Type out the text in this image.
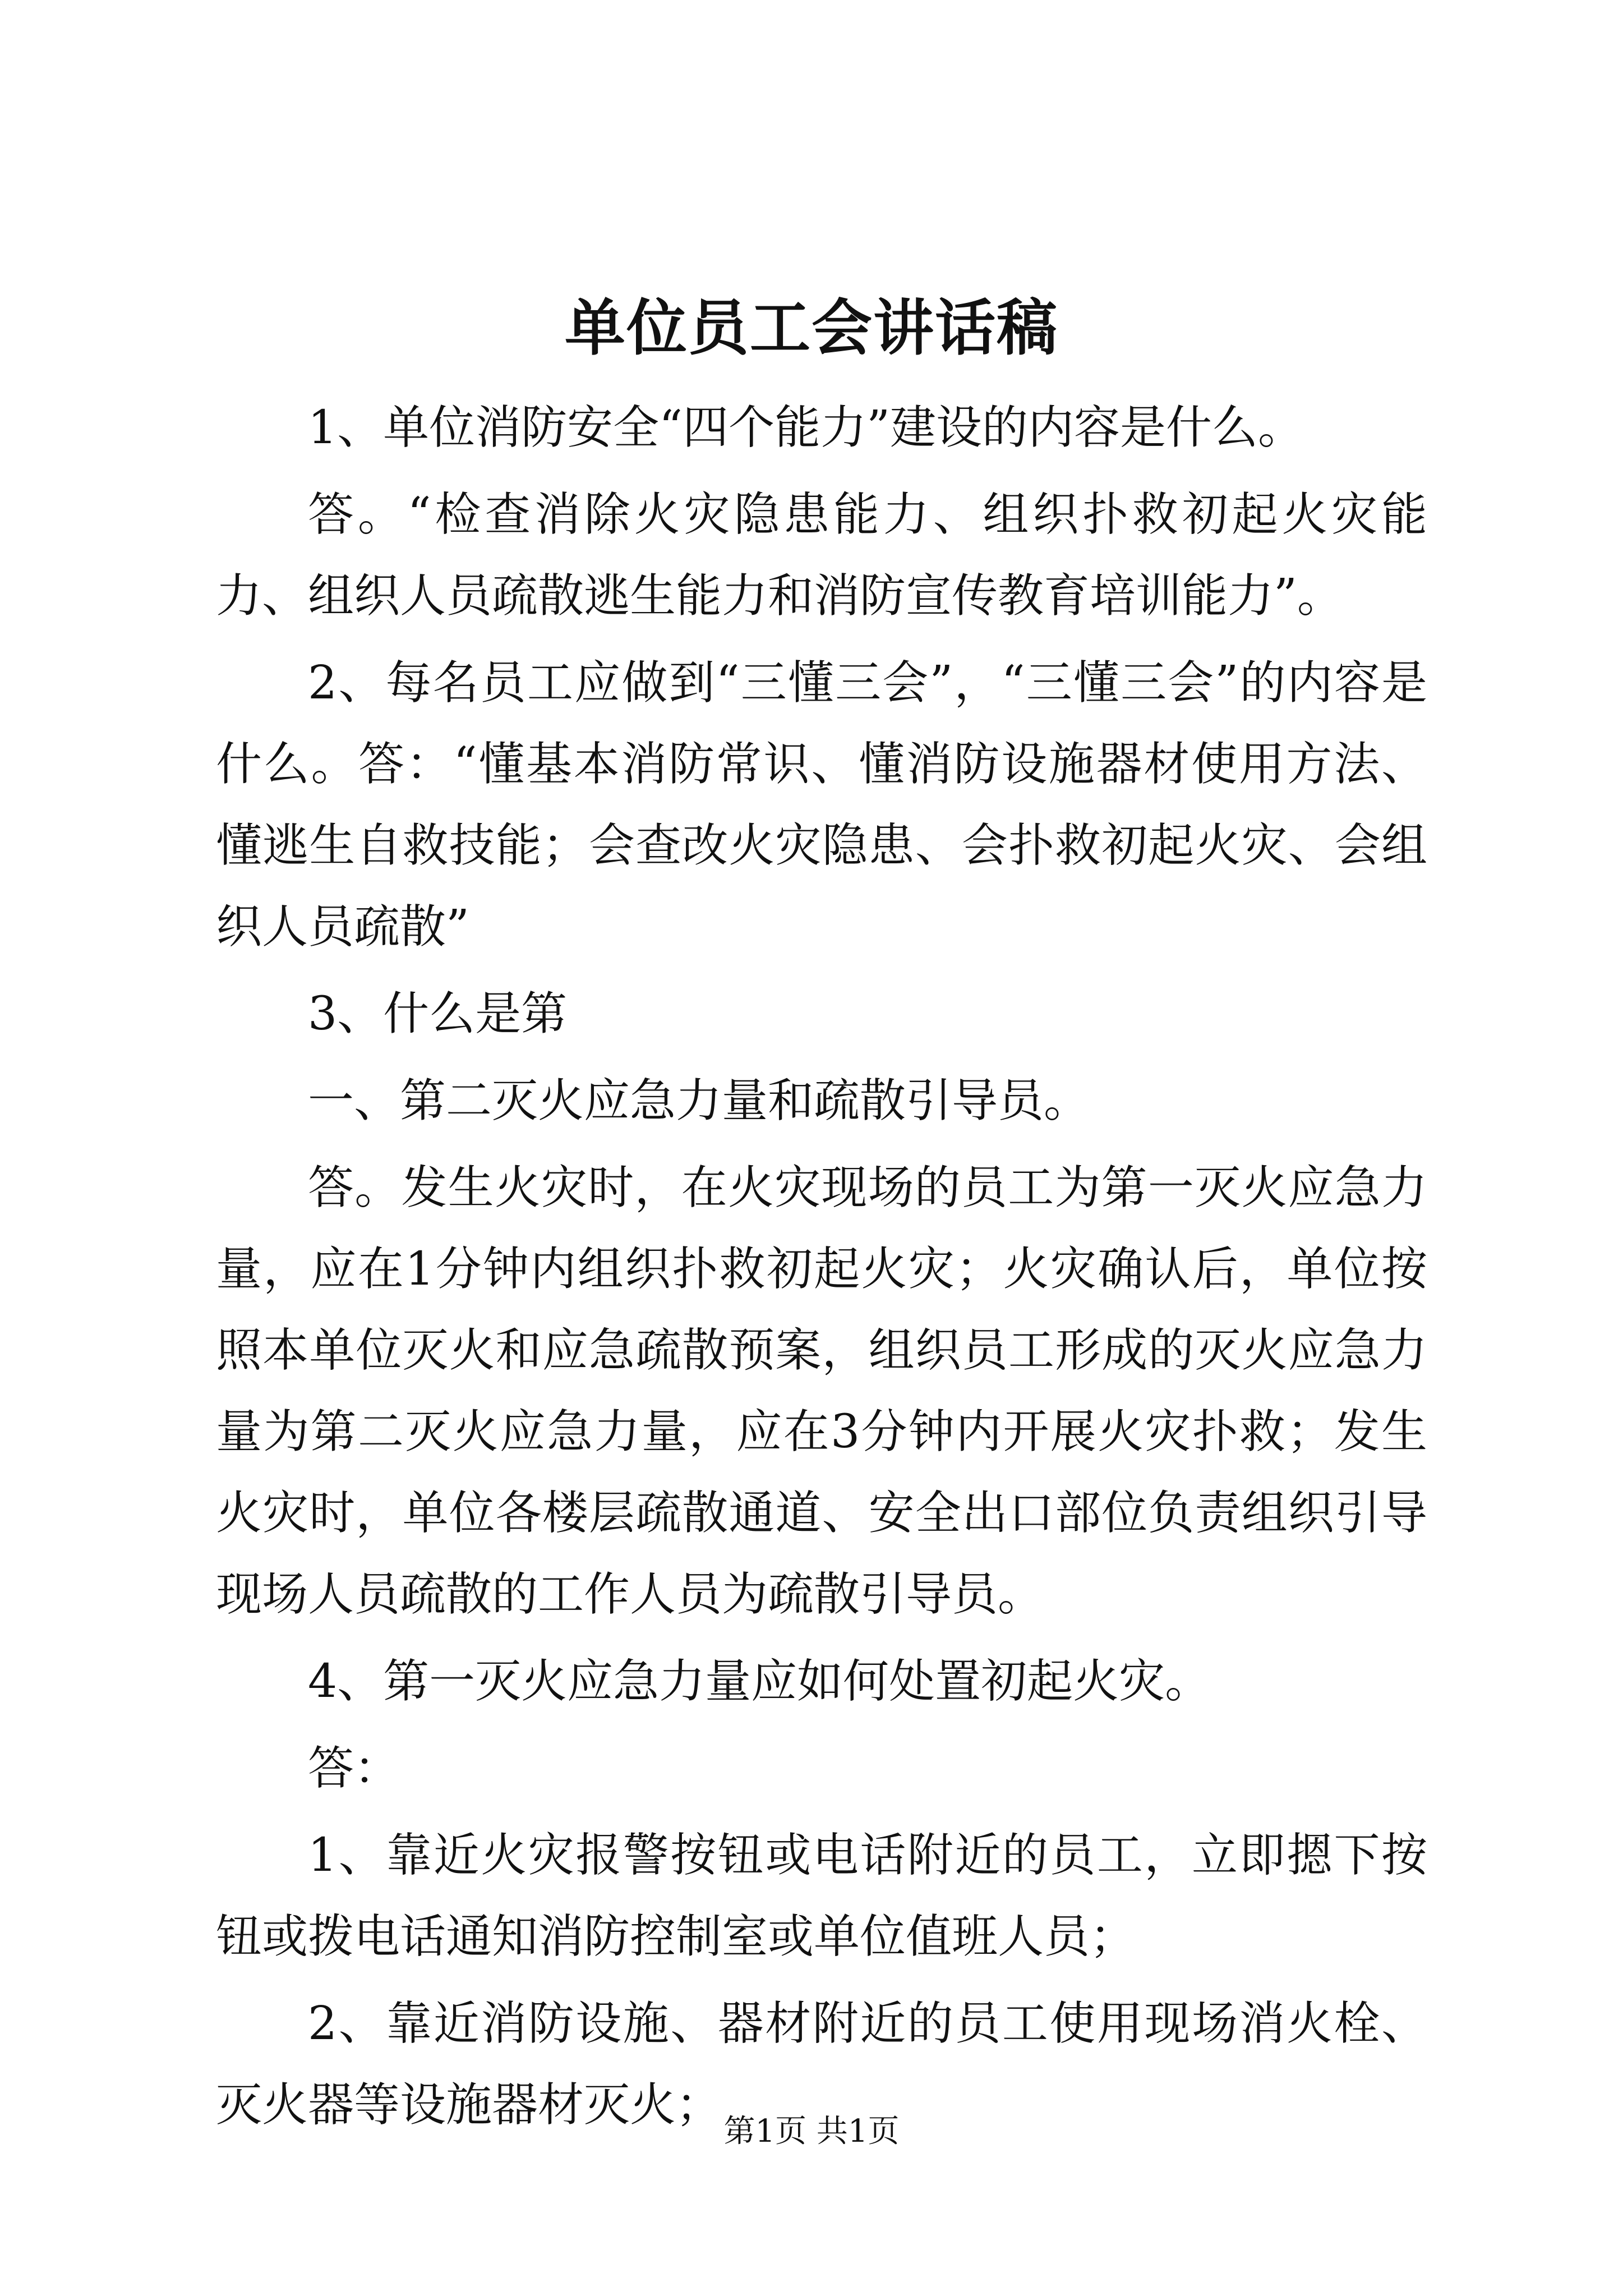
单位员工会讲话稿

1、单位消防安全“四个能力”建设的内容是什么。

答。“检查消除火灾隐患能力、组织扑救初起火灾能力、组织人员疏散逃生能力和消防宣传教育培训能力”。

2、每名员工应做到“三懂三会”，“三懂三会”的内容是什么。答：“懂基本消防常识、懂消防设施器材使用方法、懂逃生自救技能；会查改火灾隐患、会扑救初起火灾、会组织人员疏散”

3、什么是第

一、第二灭火应急力量和疏散引导员。

答。发生火灾时，在火灾现场的员工为第一灭火应急力量，应在1分钟内组织扑救初起火灾；火灾确认后，单位按照本单位灭火和应急疏散预案，组织员工形成的灭火应急力量为第二灭火应急力量，应在3分钟内开展火灾扑救；发生火灾时，单位各楼层疏散通道、安全出口部位负责组织引导现场人员疏散的工作人员为疏散引导员。

4、第一灭火应急力量应如何处置初起火灾。

答：

1、靠近火灾报警按钮或电话附近的员工，立即摁下按钮或拨电话通知消防控制室或单位值班人员；

2、靠近消防设施、器材附近的员工使用现场消火栓、灭火器等设施器材灭火； 第1页 共1页
